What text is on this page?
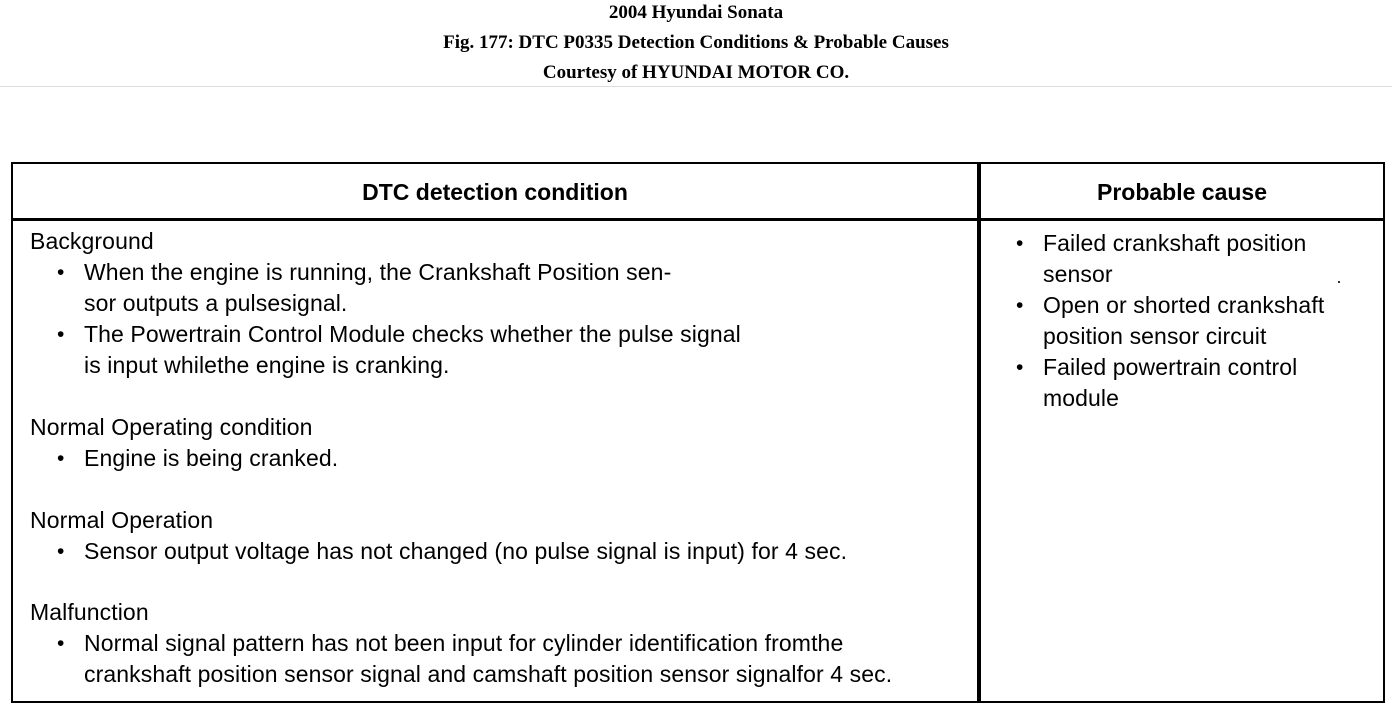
2004 Hyundai Sonata
Fig. 177: DTC P0335 Detection Conditions & Probable Causes
Courtesy of HYUNDAI MOTOR CO.
DTC detection condition	Probable cause
Background
• When the engine is running, the Crankshaft Position sen-
sor outputs a pulsesignal.
• The Powertrain Control Module checks whether the pulse signal
is input whilethe engine is cranking.
Normal Operating condition
• Engine is being cranked.
Normal Operation
• Sensor output voltage has not changed (no pulse signal is input) for 4 sec.
Malfunction
• Normal signal pattern has not been input for cylinder identification fromthe
crankshaft position sensor signal and camshaft position sensor signalfor 4 sec.
• Failed crankshaft position
sensor
• Open or shorted crankshaft
position sensor circuit
• Failed powertrain control
module
